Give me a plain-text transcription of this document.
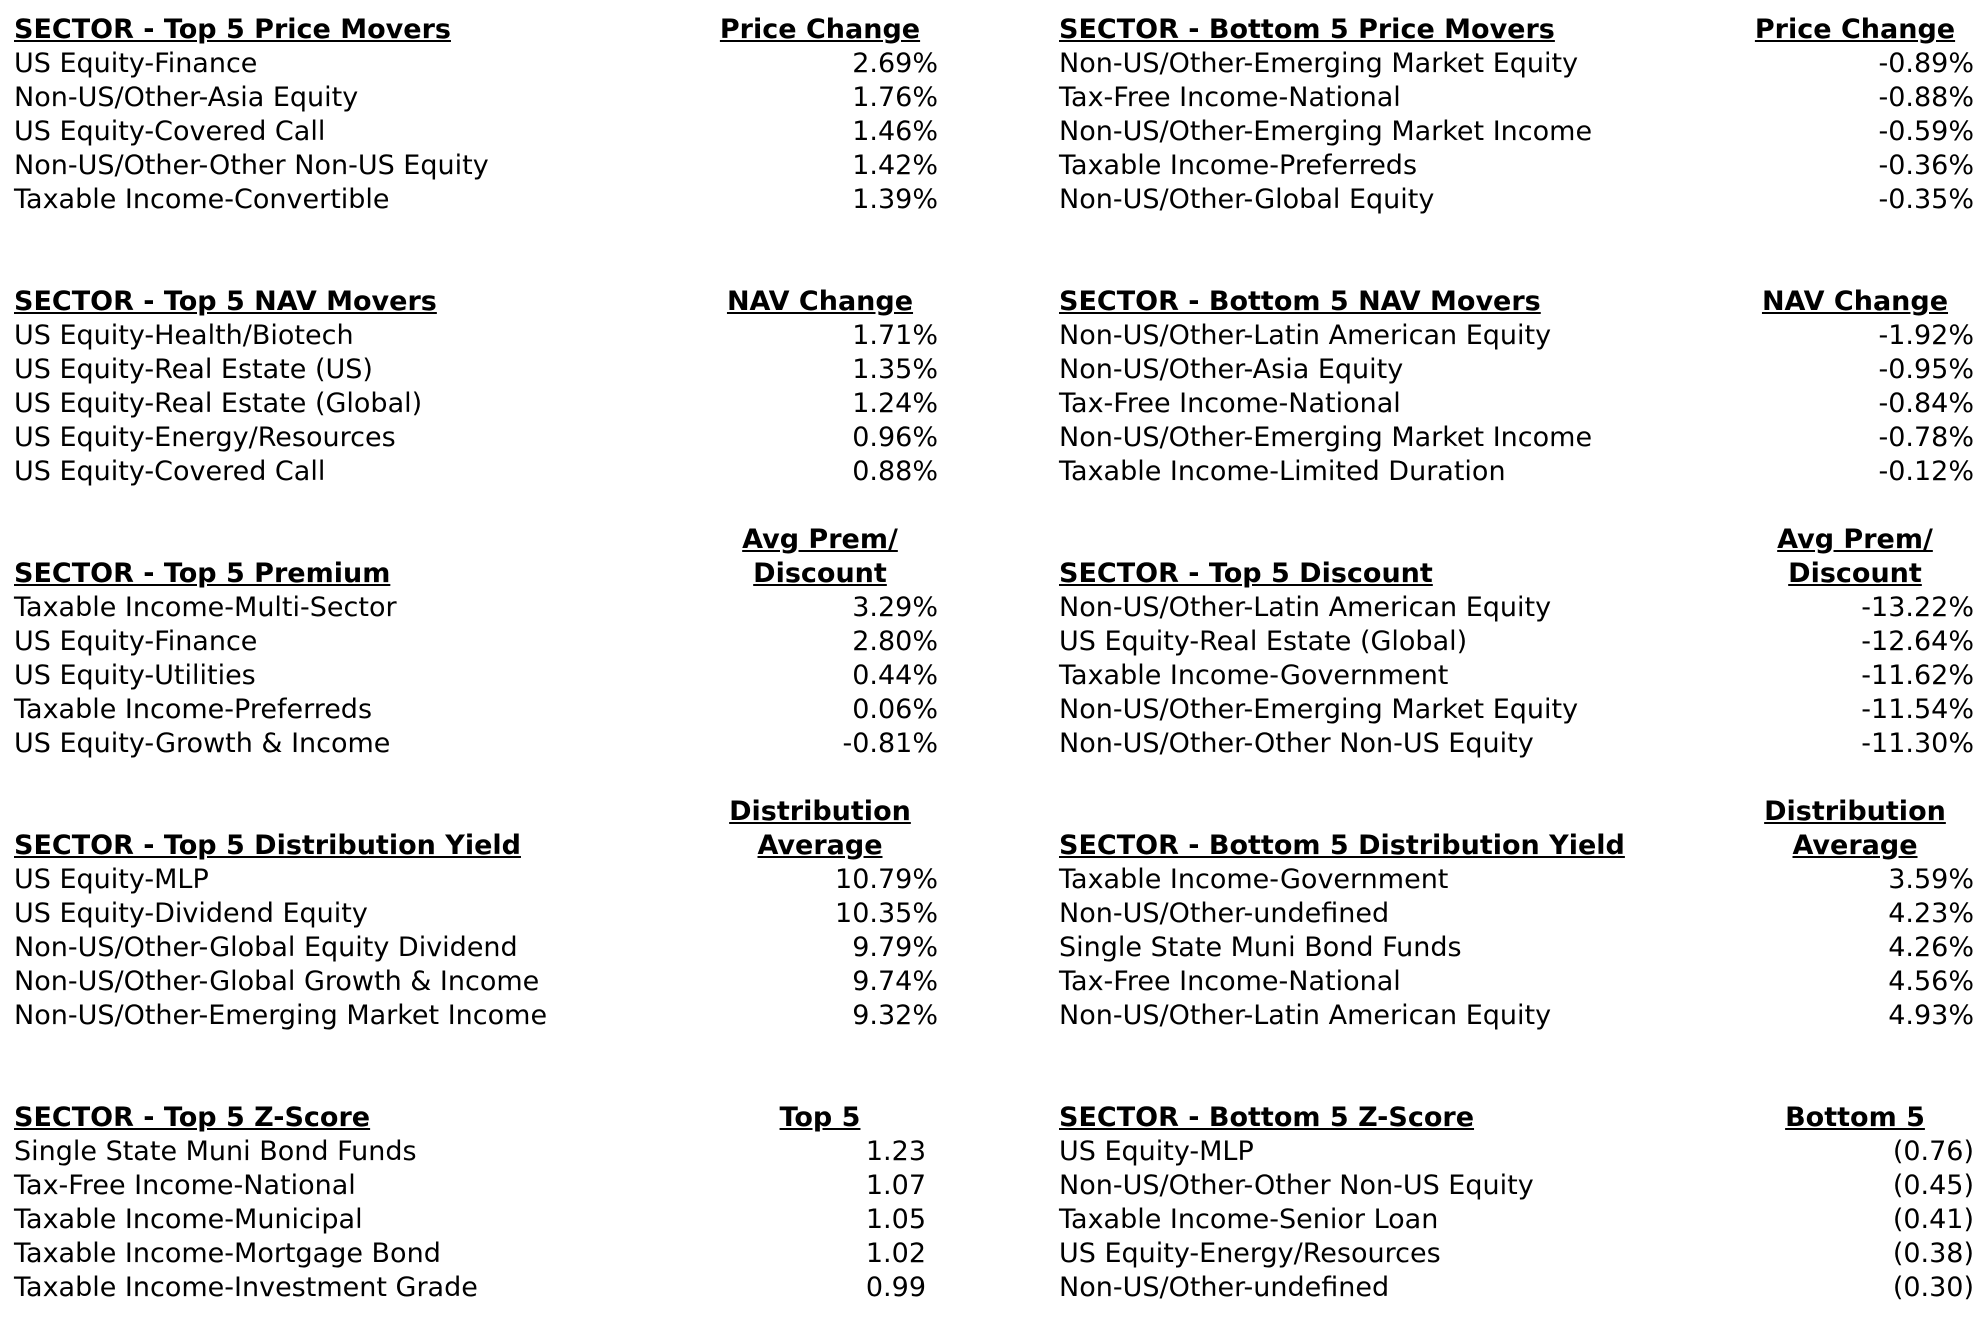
SECTOR - Top 5 Price Movers	Price Change
US Equity-Finance	2.69%
Non-US/Other-Asia Equity	1.76%
US Equity-Covered Call	1.46%
Non-US/Other-Other Non-US Equity	1.42%
Taxable Income-Convertible	1.39%
SECTOR - Top 5 NAV Movers	NAV Change
US Equity-Health/Biotech	1.71%
US Equity-Real Estate (US)	1.35%
US Equity-Real Estate (Global)	1.24%
US Equity-Energy/Resources	0.96%
US Equity-Covered Call	0.88%
Avg Prem/
SECTOR - Top 5 Premium	Discount
Taxable Income-Multi-Sector	3.29%
US Equity-Finance	2.80%
US Equity-Utilities	0.44%
Taxable Income-Preferreds	0.06%
US Equity-Growth & Income	-0.81%
Distribution
SECTOR - Top 5 Distribution Yield	Average
US Equity-MLP	10.79%
US Equity-Dividend Equity	10.35%
Non-US/Other-Global Equity Dividend	9.79%
Non-US/Other-Global Growth & Income	9.74%
Non-US/Other-Emerging Market Income	9.32%
SECTOR - Top 5 Z-Score	Top 5
Single State Muni Bond Funds	1.23
Tax-Free Income-National	1.07
Taxable Income-Municipal	1.05
Taxable Income-Mortgage Bond	1.02
Taxable Income-Investment Grade	0.99
SECTOR - Bottom 5 Price Movers	Price Change
Non-US/Other-Emerging Market Equity	-0.89%
Tax-Free Income-National	-0.88%
Non-US/Other-Emerging Market Income	-0.59%
Taxable Income-Preferreds	-0.36%
Non-US/Other-Global Equity	-0.35%
SECTOR - Bottom 5 NAV Movers	NAV Change
Non-US/Other-Latin American Equity	-1.92%
Non-US/Other-Asia Equity	-0.95%
Tax-Free Income-National	-0.84%
Non-US/Other-Emerging Market Income	-0.78%
Taxable Income-Limited Duration	-0.12%
Avg Prem/
SECTOR - Top 5 Discount	Discount
Non-US/Other-Latin American Equity	-13.22%
US Equity-Real Estate (Global)	-12.64%
Taxable Income-Government	-11.62%
Non-US/Other-Emerging Market Equity	-11.54%
Non-US/Other-Other Non-US Equity	-11.30%
Distribution
SECTOR - Bottom 5 Distribution Yield	Average
Taxable Income-Government	3.59%
Non-US/Other-undefined	4.23%
Single State Muni Bond Funds	4.26%
Tax-Free Income-National	4.56%
Non-US/Other-Latin American Equity	4.93%
SECTOR - Bottom 5 Z-Score	Bottom 5
US Equity-MLP	(0.76)
Non-US/Other-Other Non-US Equity	(0.45)
Taxable Income-Senior Loan	(0.41)
US Equity-Energy/Resources	(0.38)
Non-US/Other-undefined	(0.30)
